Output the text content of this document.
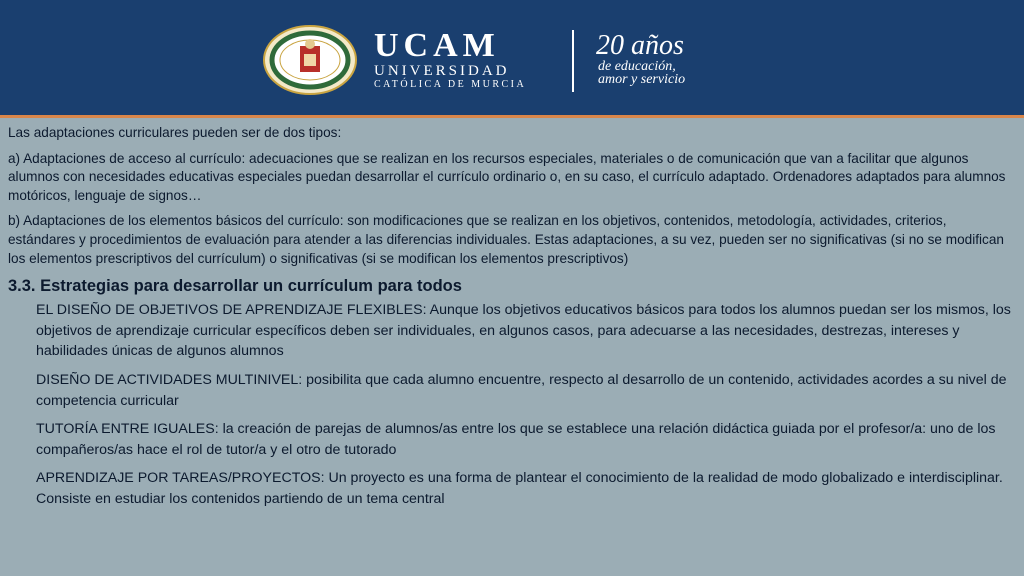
UCAM
UNIVERSIDAD
CATÓLICA DE MURCIA
20 años
de educación,
amor y servicio

Las adaptaciones curriculares pueden ser de dos tipos:

a) Adaptaciones de acceso al currículo: adecuaciones que se realizan en los recursos especiales, materiales o de comunicación que van a facilitar que algunos alumnos con necesidades educativas especiales puedan desarrollar el currículo ordinario o, en su caso, el currículo adaptado. Ordenadores adaptados para alumnos motóricos, lenguaje de signos…

b) Adaptaciones de los elementos básicos del currículo: son modificaciones que se realizan en los objetivos, contenidos, metodología, actividades, criterios, estándares y procedimientos de evaluación para atender a las diferencias individuales. Estas adaptaciones, a su vez, pueden ser no significativas (si no se modifican los elementos prescriptivos del currículum) o significativas (si se modifican los elementos prescriptivos)

3.3. Estrategias para desarrollar un currículum para todos

EL DISEÑO DE OBJETIVOS DE APRENDIZAJE FLEXIBLES: Aunque los objetivos educativos básicos para todos los alumnos puedan ser los mismos, los objetivos de aprendizaje curricular específicos deben ser individuales, en algunos casos, para adecuarse a las necesidades, destrezas, intereses y habilidades únicas de algunos alumnos

DISEÑO DE ACTIVIDADES MULTINIVEL: posibilita que cada alumno encuentre, respecto al desarrollo de un contenido, actividades acordes a su nivel de competencia curricular

TUTORÍA ENTRE IGUALES: la creación de parejas de alumnos/as entre los que se establece una relación didáctica guiada por el profesor/a: uno de los compañeros/as hace el rol de tutor/a y el otro de tutorado

APRENDIZAJE POR TAREAS/PROYECTOS: Un proyecto es una forma de plantear el conocimiento de la realidad de modo globalizado e interdisciplinar. Consiste en estudiar los contenidos partiendo de un tema central
